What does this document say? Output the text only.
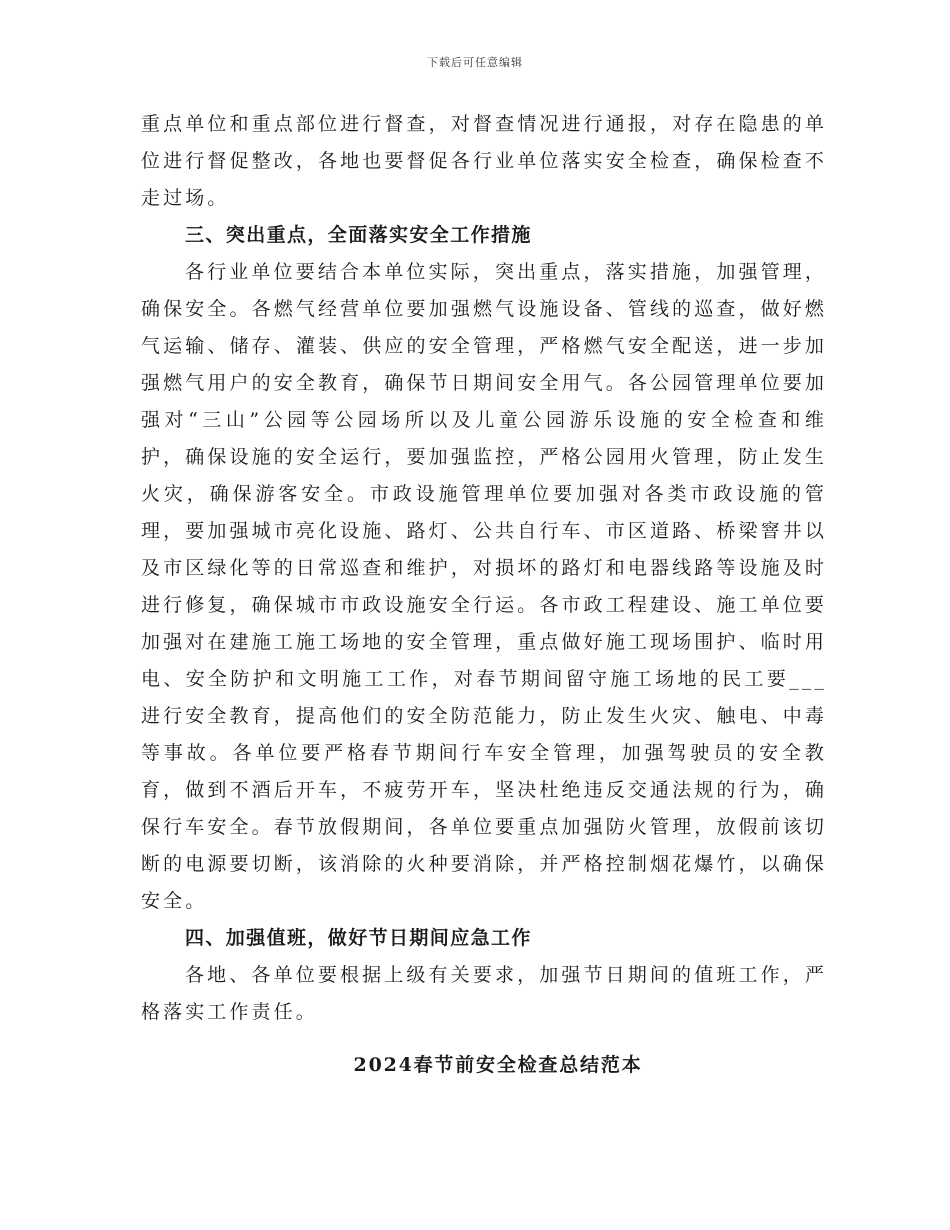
下载后可任意编辑

重点单位和重点部位进行督查，对督查情况进行通报，对存在隐患的单位进行督促整改，各地也要督促各行业单位落实安全检查，确保检查不走过场。

三、突出重点，全面落实安全工作措施

各行业单位要结合本单位实际，突出重点，落实措施，加强管理，确保安全。各燃气经营单位要加强燃气设施设备、管线的巡查，做好燃气运输、储存、灌装、供应的安全管理，严格燃气安全配送，进一步加强燃气用户的安全教育，确保节日期间安全用气。各公园管理单位要加强对“三山”公园等公园场所以及儿童公园游乐设施的安全检查和维护，确保设施的安全运行，要加强监控，严格公园用火管理，防止发生火灾，确保游客安全。市政设施管理单位要加强对各类市政设施的管理，要加强城市亮化设施、路灯、公共自行车、市区道路、桥梁窨井以及市区绿化等的日常巡查和维护，对损坏的路灯和电器线路等设施及时进行修复，确保城市市政设施安全行运。各市政工程建设、施工单位要加强对在建施工施工场地的安全管理，重点做好施工现场围护、临时用电、安全防护和文明施工工作，对春节期间留守施工场地的民工要___进行安全教育，提高他们的安全防范能力，防止发生火灾、触电、中毒等事故。各单位要严格春节期间行车安全管理，加强驾驶员的安全教育，做到不酒后开车，不疲劳开车，坚决杜绝违反交通法规的行为，确保行车安全。春节放假期间，各单位要重点加强防火管理，放假前该切断的电源要切断，该消除的火种要消除，并严格控制烟花爆竹，以确保安全。

四、加强值班，做好节日期间应急工作

各地、各单位要根据上级有关要求，加强节日期间的值班工作，严格落实工作责任。

2024春节前安全检查总结范本
